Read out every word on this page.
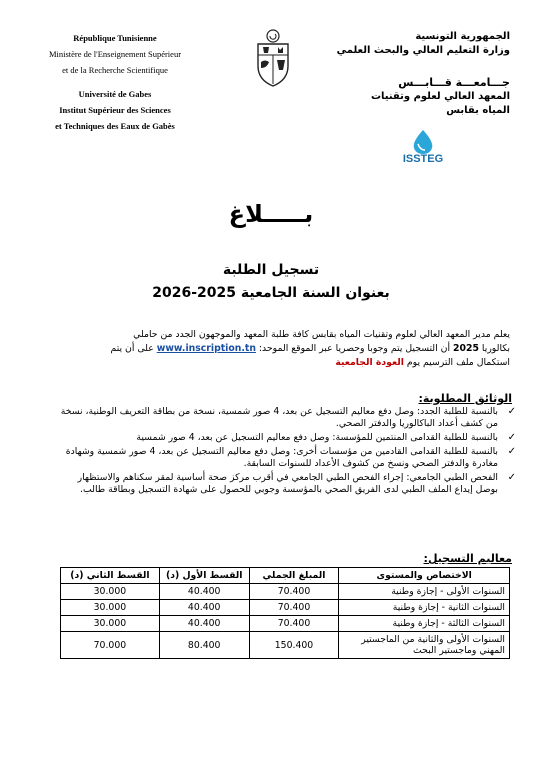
République Tunisienne
Ministère de l'Enseignement Supérieur
et de la Recherche Scientifique
Université de Gabes
Institut Supérieur des Sciences
et Techniques des Eaux de Gabès
الجمهورية التونسية
وزارة التعليم العالي والبحث العلمي
جـــامعـــة قـــابـــس
المعهد العالي لعلوم وتقنيات
المياه بقابس
ISSTEG
بـــــلاغ
تسجيل الطلبة
بعنوان السنة الجامعية 2025-2026
يعلم مدير المعهد العالي لعلوم وتقنيات المياه بقابس كافة طلبة المعهد والموجهون الجدد من حاملي
بكالوريا 2025 أن التسجيل يتم وجوبا وحصريا عبر الموقع الموحد: www.inscription.tn على أن يتم
استكمال ملف الترسيم يوم العودة الجامعية
الوثائق المطلوبة:
✓
بالنسبة للطلبة الجدد: وصل دفع معاليم التسجيل عن بعد، 4 صور شمسية، نسخة من بطاقة التعريف الوطنية، نسخة من كشف أعداد الباكالوريا والدفتر الصحي.
✓
بالنسبة للطلبة القدامى المنتمين للمؤسسة: وصل دفع معاليم التسجيل عن بعد، 4 صور شمسية
✓
بالنسبة للطلبة القدامى القادمين من مؤسسات أخرى: وصل دفع معاليم التسجيل عن بعد، 4 صور شمسية وشهادة مغادرة والدفتر الصحي ونسخ من كشوف الأعداد للسنوات السابقة.
✓
الفحص الطبي الجامعي: إجراء الفحص الطبي الجامعي في أقرب مركز صحة أساسية لمقر سكناهم والاستظهار بوصل إيداع الملف الطبي لدى الفريق الصحي بالمؤسسة وجوبي للحصول على شهادة التسجيل وبطاقة طالب.
معاليم التسجيل:
الاختصاص والمستوى	المبلغ الجملي	القسط الأول (د)	القسط الثاني (د)
السنوات الأولى - إجازة وطنية	70.400	40.400	30.000
السنوات الثانية - إجازة وطنية	70.400	40.400	30.000
السنوات الثالثة - إجازة وطنية	70.400	40.400	30.000
السنوات الأولى والثانية من الماجستير المهني وماجستير البحث	150.400	80.400	70.000
